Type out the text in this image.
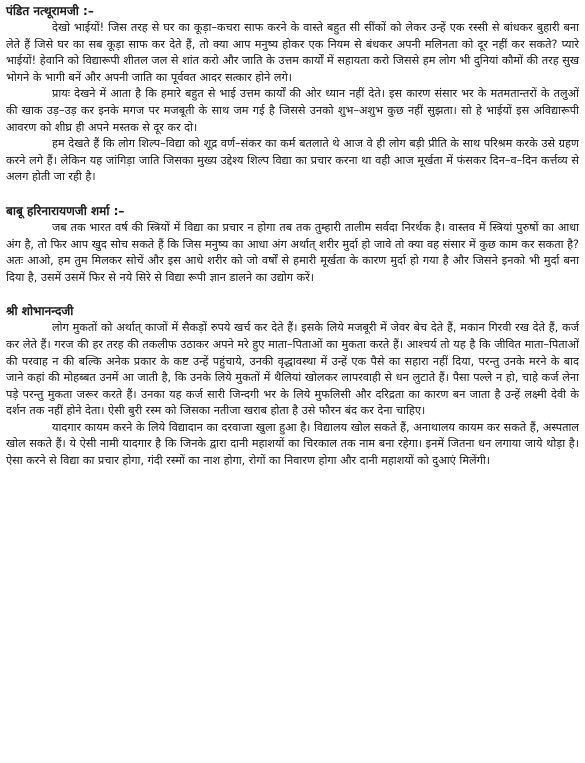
पंडित नत्थूरामजी :–

देखो भाईयों! जिस तरह से घर का कूड़ा–कचरा साफ करने के वास्ते बहुत सी सींकों को लेकर उन्हें एक रस्सी से बांधकर बुहारी बना लेते हैं जिसे घर का सब कूड़ा साफ कर देते हैं, तो क्या आप मनुष्य होकर एक नियम से बंधकर अपनी मलिनता को दूर नहीं कर सकते? प्यारे भाईयों! हेवानि को विद्यारूपी शीतल जल से शांत करो और जाति के उत्तम कार्यों में सहायता करो जिससे हम लोग भी दुनियां कौमों की तरह सुख भोगने के भागी बनें और अपनी जाति का पूर्ववत आदर सत्कार होने लगे।

प्रायः देखने में आता है कि हमारे बहुत से भाई उत्तम कार्यों की ओर ध्यान नहीं देते। इस कारण संसार भर के मतमतान्तरों के तलुओं की खाक उड़–उड़ कर इनके मगज पर मजबूती के साथ जम गई है जिससे उनको शुभ–अशुभ कुछ नहीं सुझता। सो हे भाईयों इस अविद्यारूपी आवरण को शीघ्र ही अपने मस्तक से दूर कर दो।

हम देखते हैं कि लोग शिल्प–विद्या को शूद्र वर्ण–संकर का कर्म बतलाते थे आज वे ही लोग बड़ी प्रीति के साथ परिश्रम करके उसे ग्रहण करने लगे हैं। लेकिन यह जांगिड़ा जाति जिसका मुख्य उद्देश्य शिल्प विद्या का प्रचार करना था वही आज मूर्खता में फंसकर दिन–व–दिन कर्त्तव्य से अलग होती जा रही है।

बाबू हरिनारायणजी शर्मा :–

जब तक भारत वर्ष की स्त्रियों में विद्या का प्रचार न होगा तब तक तुम्हारी तालीम सर्वदा निरर्थक है। वास्तव में स्त्रियां पुरुषों का आधा अंग है, तो फिर आप खुद सोच सकते हैं कि जिस मनुष्य का आधा अंग अर्थात् शरीर मुर्दा हो जावे तो क्या वह संसार में कुछ काम कर सकता है? अतः आओ, हम तुम मिलकर सोचें और इस आधे शरीर को जो वर्षों से हमारी मूर्खता के कारण मुर्दा हो गया है और जिसने इनको भी मुर्दा बना दिया है, उसमें उसमें फिर से नये सिरे से विद्या रूपी ज्ञान डालने का उद्योग करें।

श्री शोभानन्दजी

लोग मुकतों को अर्थात् काजों में सैकड़ों रुपये खर्च कर देते हैं। इसके लिये मजबूरी में जेवर बेच देते हैं, मकान गिरवी रख देते हैं, कर्ज कर लेते हैं। गरज की हर तरह की तकलीफ उठाकर अपने मरे हुए माता–पिताओं का मुकता करते हैं। आश्चर्य तो यह है कि जीवित माता–पिताओं की परवाह न की बल्कि अनेक प्रकार के कष्ट उन्हें पहुंचाये, उनकी वृद्धावस्था में उन्हें एक पैसे का सहारा नहीं दिया, परन्तु उनके मरने के बाद जाने कहां की मोहब्बत उनमें आ जाती है, कि उनके लिये मुकतों में थैलियां खोलकर लापरवाही से धन लुटाते हैं। पैसा पल्ले न हो, चाहे कर्ज लेना पड़े परन्तु मुकता जरूर करते हैं। उनका यह कर्ज सारी जिन्दगी भर के लिये मुफलिसी और दरिद्रता का कारण बन जाता है उन्हें लक्ष्मी देवी के दर्शन तक नहीं होने देता। ऐसी बुरी रस्म को जिसका नतीजा खराब होता है उसे फौरन बंद कर देना चाहिए।

यादगार कायम करने के लिये विद्यादान का दरवाजा खुला हुआ है। विद्यालय खोल सकते हैं, अनाथालय कायम कर सकते हैं, अस्पताल खोल सकते हैं। ये ऐसी नामी यादगार है कि जिनके द्वारा दानी महाशयों का चिरकाल तक नाम बना रहेगा। इनमें जितना धन लगाया जाये थोड़ा है। ऐसा करने से विद्या का प्रचार होगा, गंदी रस्मों का नाश होगा, रोगों का निवारण होगा और दानी महाशयों को दुआएं मिलेंगी।
